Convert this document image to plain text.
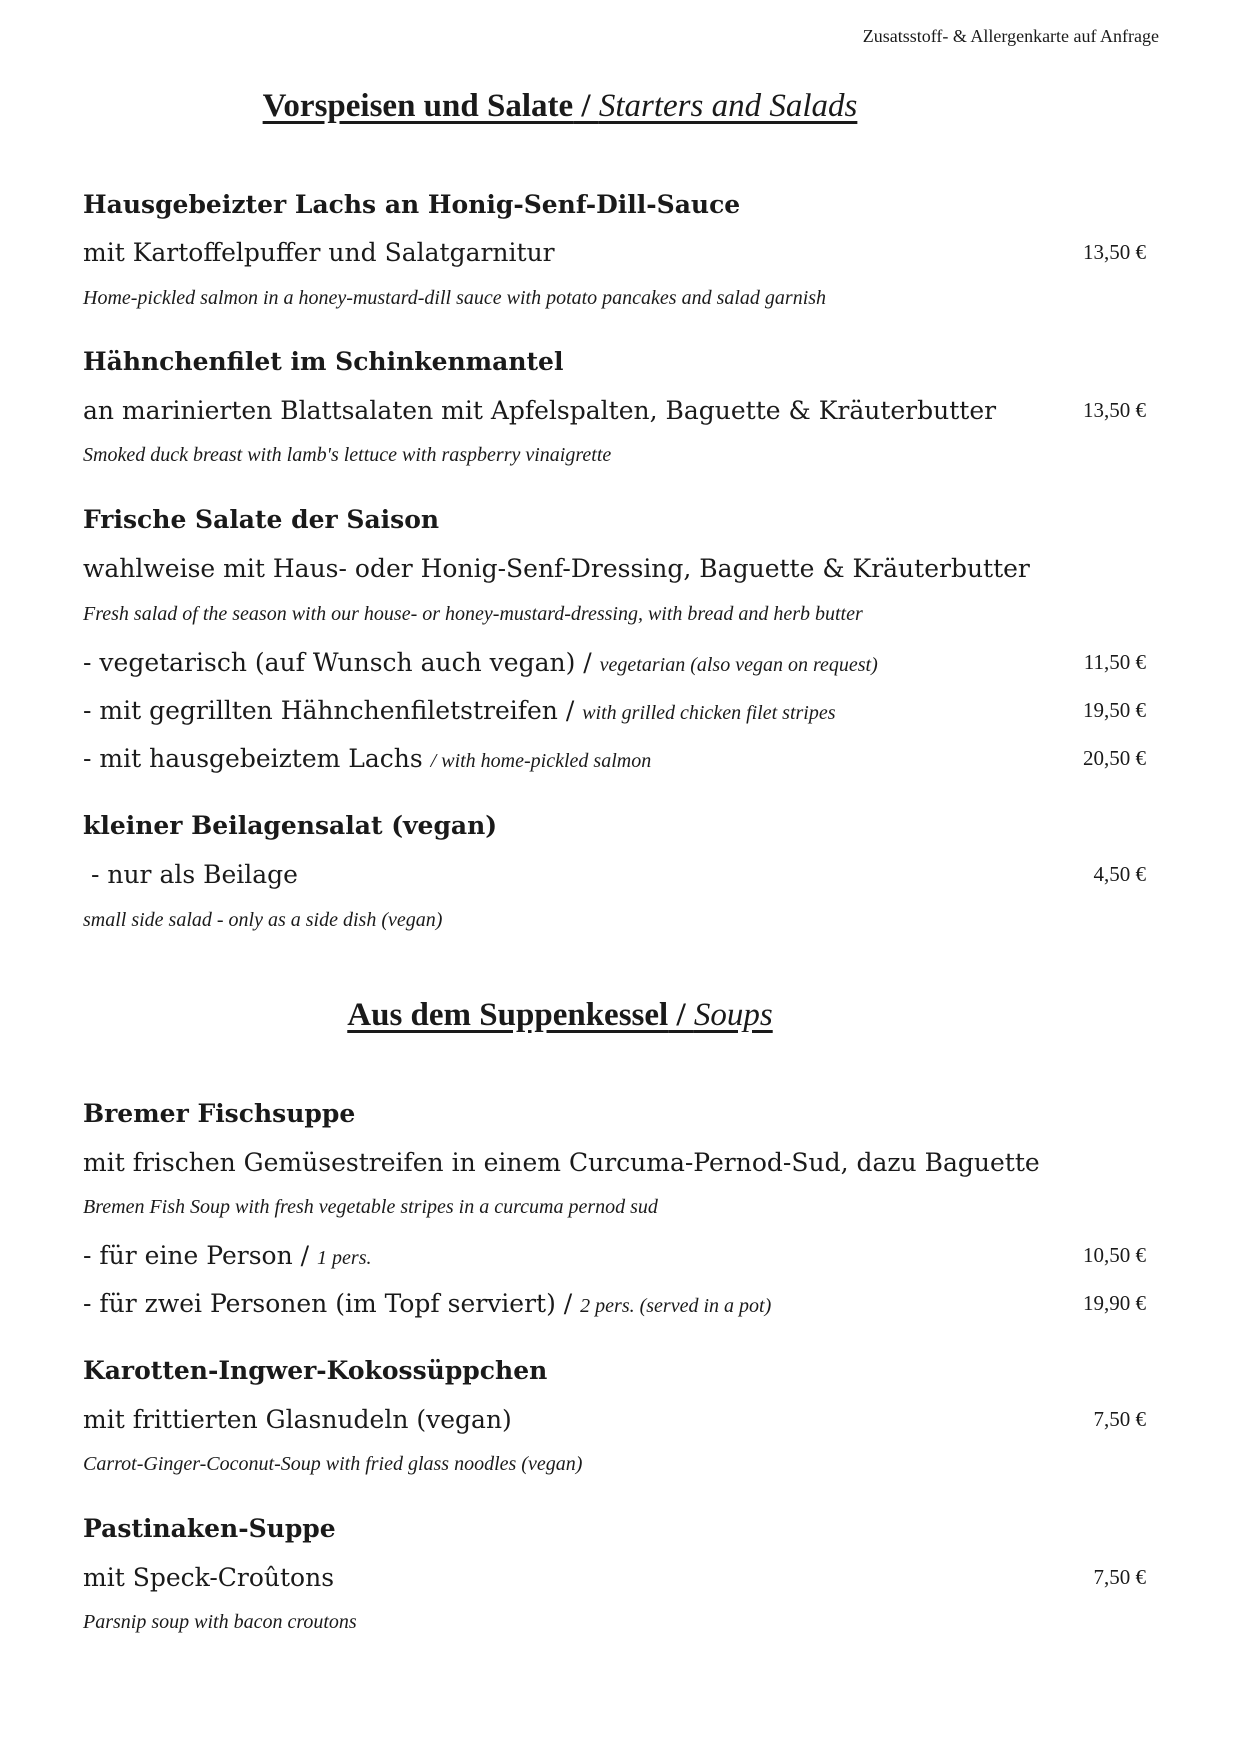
Zusatsstoff- & Allergenkarte auf Anfrage
Vorspeisen und Salate / Starters and Salads
Hausgebeizter Lachs an Honig-Senf-Dill-Sauce
mit Kartoffelpuffer und Salatgarnitur	13,50 €
Home-pickled salmon in a honey-mustard-dill sauce with potato pancakes and salad garnish
Hähnchenfilet im Schinkenmantel
an marinierten Blattsalaten mit Apfelspalten, Baguette & Kräuterbutter	13,50 €
Smoked duck breast with lamb's lettuce with raspberry vinaigrette
Frische Salate der Saison
wahlweise mit Haus- oder Honig-Senf-Dressing, Baguette & Kräuterbutter
Fresh salad of the season with our house- or honey-mustard-dressing, with bread and herb butter
- vegetarisch (auf Wunsch auch vegan) / vegetarian (also vegan on request)	11,50 €
- mit gegrillten Hähnchenfiletstreifen / with grilled chicken filet stripes	19,50 €
- mit hausgebeiztem Lachs / with home-pickled salmon	20,50 €
kleiner Beilagensalat (vegan)
- nur als Beilage	4,50 €
small side salad - only as a side dish (vegan)
Aus dem Suppenkessel / Soups
Bremer Fischsuppe
mit frischen Gemüsestreifen in einem Curcuma-Pernod-Sud, dazu Baguette
Bremen Fish Soup with fresh vegetable stripes in a curcuma pernod sud
- für eine Person / 1 pers.	10,50 €
- für zwei Personen (im Topf serviert) / 2 pers. (served in a pot)	19,90 €
Karotten-Ingwer-Kokossüppchen
mit frittierten Glasnudeln (vegan)	7,50 €
Carrot-Ginger-Coconut-Soup with fried glass noodles (vegan)
Pastinaken-Suppe
mit Speck-Croûtons	7,50 €
Parsnip soup with bacon croutons
